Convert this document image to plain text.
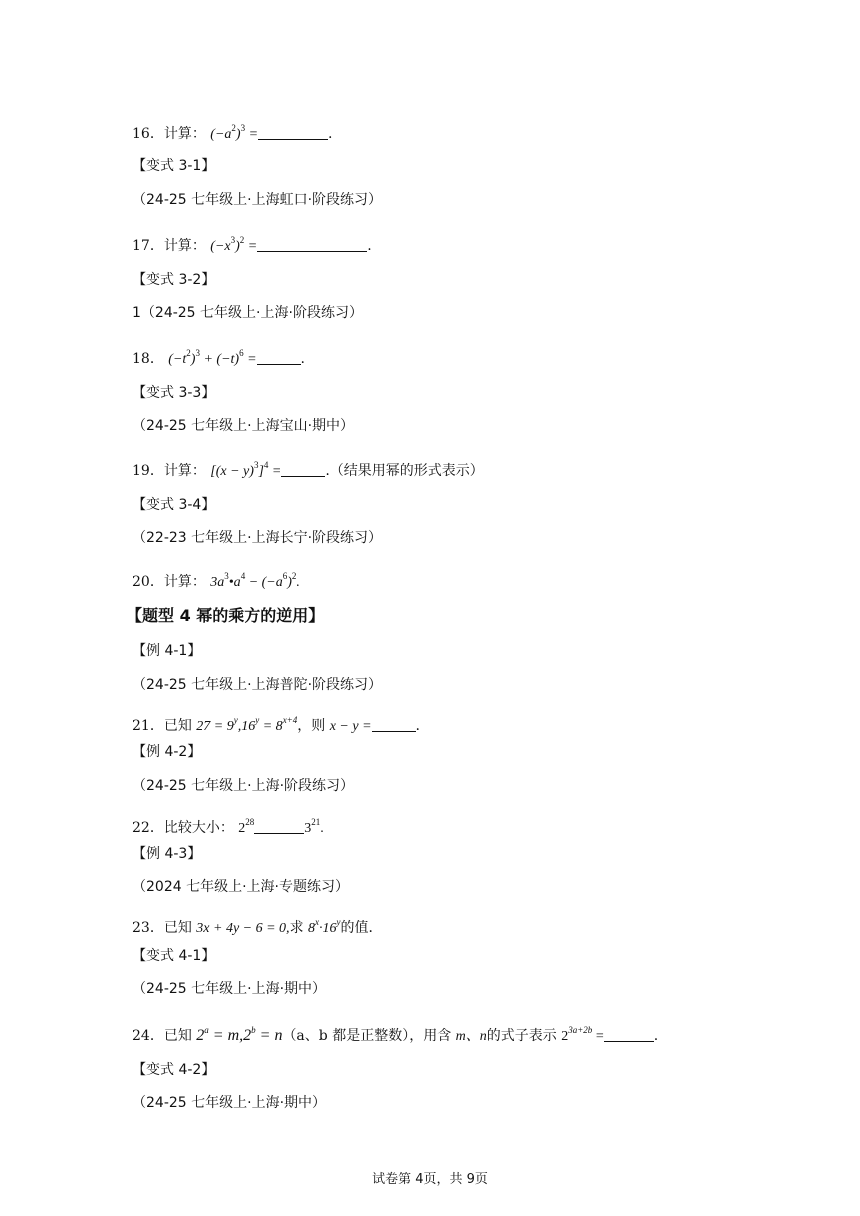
16．计算： $(-a^2)^3$ =	.
【变式 3-1】
（24-25 七年级上·上海虹口·阶段练习）
17．计算： $(-x^3)^2$ =	.
【变式 3-2】
1（24-25 七年级上·上海·阶段练习）
18． $(-t^2)^3 + (-t)^6$ =	.
【变式 3-3】
（24-25 七年级上·上海宝山·期中）
19．计算： $[(x - y)^3]^4$ =	.（结果用幂的形式表示）
【变式 3-4】
（22-23 七年级上·上海长宁·阶段练习）
20．计算： $3a^3•a^4 - (-a^6)^2$.
【题型 4 幂的乘方的逆用】
【例 4-1】
（24-25 七年级上·上海普陀·阶段练习）
21．已知 $27 = 9^y,16^y = 8^{x+4}$，则 x − y =	.
【例 4-2】
（24-25 七年级上·上海·阶段练习）
22．比较大小： $2^{28}$	$3^{21}$.
【例 4-3】
（2024 七年级上·上海·专题练习）
23．已知 3x + 4y − 6 = 0,求 $8^x\cdot 16^y$的值．
【变式 4-1】
（24-25 七年级上·上海·期中）
24．已知 $2^a = m,2^b = n(a$、b 都是正整数），用含 m、n的式子表示 $2^{3a+2b}$ =	.
【变式 4-2】
（24-25 七年级上·上海·期中）
试卷第 4页，共 9页
